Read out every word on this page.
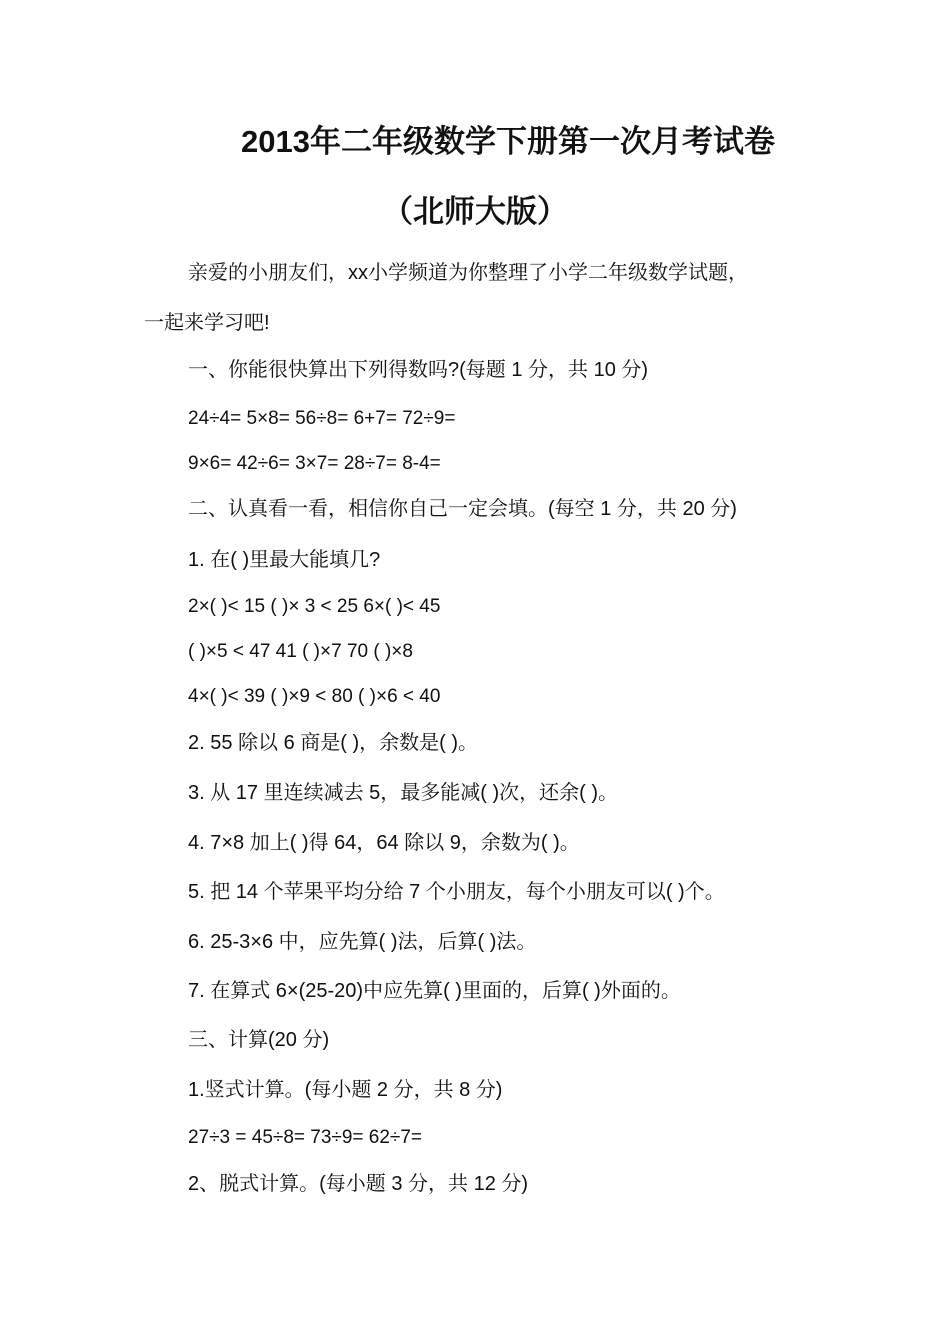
2013年二年级数学下册第一次月考试卷
（北师大版）

亲爱的小朋友们，xx小学频道为你整理了小学二年级数学试题，

一起来学习吧!

一、你能很快算出下列得数吗?(每题 1 分，共 10 分)

24÷4= 5×8= 56÷8= 6+7= 72÷9=

9×6= 42÷6= 3×7= 28÷7= 8-4=

二、认真看一看，相信你自己一定会填。(每空 1 分，共 20 分)

1. 在( )里最大能填几?

2×( )< 15 ( )× 3 < 25 6×( )< 45

( )×5 < 47 41 ( )×7 70 ( )×8

4×( )< 39 ( )×9 < 80 ( )×6 < 40

2. 55 除以 6 商是( )，余数是( )。

3. 从 17 里连续减去 5，最多能减( )次，还余( )。

4. 7×8 加上( )得 64，64 除以 9，余数为( )。

5. 把 14 个苹果平均分给 7 个小朋友，每个小朋友可以( )个。

6. 25-3×6 中，应先算( )法，后算( )法。

7. 在算式 6×(25-20)中应先算( )里面的，后算( )外面的。

三、计算(20 分)

1.竖式计算。(每小题 2 分，共 8 分)

27÷3 = 45÷8= 73÷9= 62÷7=

2、脱式计算。(每小题 3 分，共 12 分)
